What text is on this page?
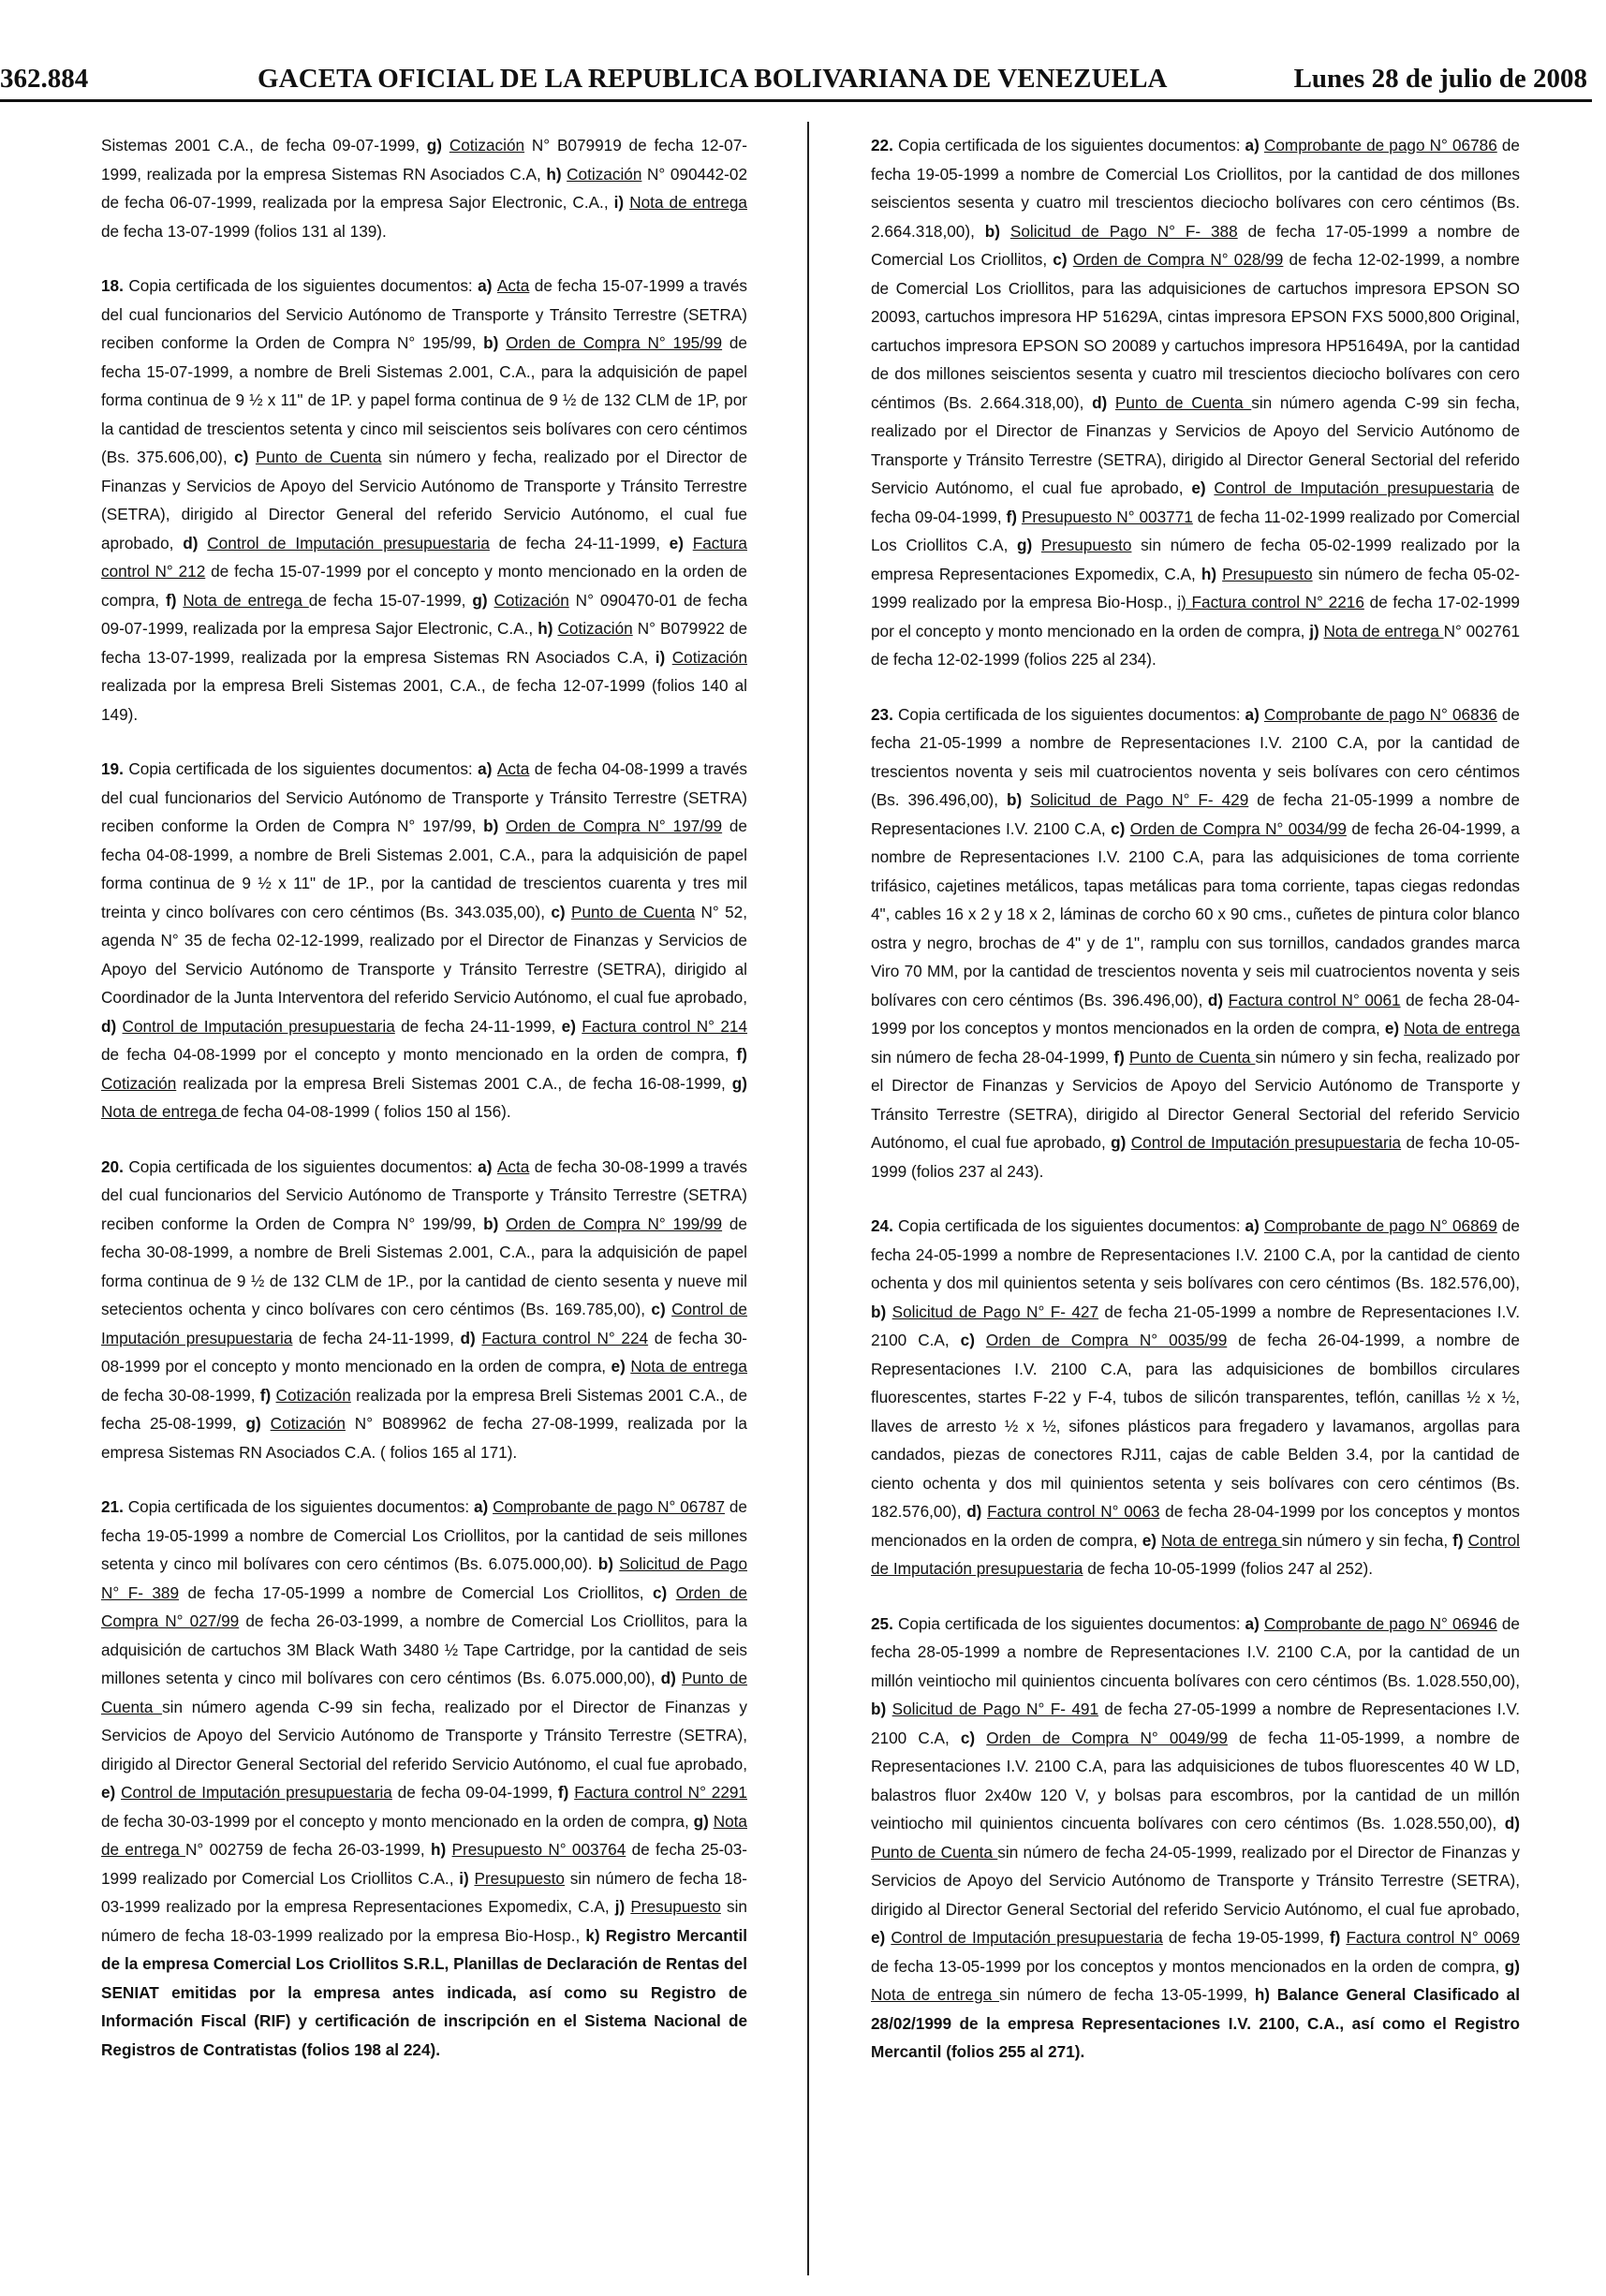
362.884	GACETA OFICIAL DE LA REPUBLICA BOLIVARIANA DE VENEZUELA	Lunes 28 de julio de 2008

Sistemas 2001 C.A., de fecha 09-07-1999, g) Cotización N° B079919 de fecha 12-07-1999, realizada por la empresa Sistemas RN Asociados C.A, h) Cotización N° 090442-02 de fecha 06-07-1999, realizada por la empresa Sajor Electronic, C.A., i) Nota de entrega de fecha 13-07-1999 (folios 131 al 139).

18. Copia certificada de los siguientes documentos: a) Acta de fecha 15-07-1999 a través del cual funcionarios del Servicio Autónomo de Transporte y Tránsito Terrestre (SETRA) reciben conforme la Orden de Compra N° 195/99, b) Orden de Compra N° 195/99 de fecha 15-07-1999, a nombre de Breli Sistemas 2.001, C.A., para la adquisición de papel forma continua de 9 ½ x 11" de 1P. y papel forma continua de 9 ½ de 132 CLM de 1P, por la cantidad de trescientos setenta y cinco mil seiscientos seis bolívares con cero céntimos (Bs. 375.606,00), c) Punto de Cuenta sin número y fecha, realizado por el Director de Finanzas y Servicios de Apoyo del Servicio Autónomo de Transporte y Tránsito Terrestre (SETRA), dirigido al Director General del referido Servicio Autónomo, el cual fue aprobado, d) Control de Imputación presupuestaria de fecha 24-11-1999, e) Factura control N° 212 de fecha 15-07-1999 por el concepto y monto mencionado en la orden de compra, f) Nota de entrega de fecha 15-07-1999, g) Cotización N° 090470-01 de fecha 09-07-1999, realizada por la empresa Sajor Electronic, C.A., h) Cotización N° B079922 de fecha 13-07-1999, realizada por la empresa Sistemas RN Asociados C.A, i) Cotización realizada por la empresa Breli Sistemas 2001, C.A., de fecha 12-07-1999 (folios 140 al 149).

19. Copia certificada de los siguientes documentos: a) Acta de fecha 04-08-1999 a través del cual funcionarios del Servicio Autónomo de Transporte y Tránsito Terrestre (SETRA) reciben conforme la Orden de Compra N° 197/99, b) Orden de Compra N° 197/99 de fecha 04-08-1999, a nombre de Breli Sistemas 2.001, C.A., para la adquisición de papel forma continua de 9 ½ x 11" de 1P., por la cantidad de trescientos cuarenta y tres mil treinta y cinco bolívares con cero céntimos (Bs. 343.035,00), c) Punto de Cuenta N° 52, agenda N° 35 de fecha 02-12-1999, realizado por el Director de Finanzas y Servicios de Apoyo del Servicio Autónomo de Transporte y Tránsito Terrestre (SETRA), dirigido al Coordinador de la Junta Interventora del referido Servicio Autónomo, el cual fue aprobado, d) Control de Imputación presupuestaria de fecha 24-11-1999, e) Factura control N° 214 de fecha 04-08-1999 por el concepto y monto mencionado en la orden de compra, f) Cotización realizada por la empresa Breli Sistemas 2001 C.A., de fecha 16-08-1999, g) Nota de entrega de fecha 04-08-1999 ( folios 150 al 156).

20. Copia certificada de los siguientes documentos: a) Acta de fecha 30-08-1999 a través del cual funcionarios del Servicio Autónomo de Transporte y Tránsito Terrestre (SETRA) reciben conforme la Orden de Compra N° 199/99, b) Orden de Compra N° 199/99 de fecha 30-08-1999, a nombre de Breli Sistemas 2.001, C.A., para la adquisición de papel forma continua de 9 ½ de 132 CLM de 1P., por la cantidad de ciento sesenta y nueve mil setecientos ochenta y cinco bolívares con cero céntimos (Bs. 169.785,00), c) Control de Imputación presupuestaria de fecha 24-11-1999, d) Factura control N° 224 de fecha 30-08-1999 por el concepto y monto mencionado en la orden de compra, e) Nota de entrega de fecha 30-08-1999, f) Cotización realizada por la empresa Breli Sistemas 2001 C.A., de fecha 25-08-1999, g) Cotización N° B089962 de fecha 27-08-1999, realizada por la empresa Sistemas RN Asociados C.A. ( folios 165 al 171).

21. Copia certificada de los siguientes documentos: a) Comprobante de pago N° 06787 de fecha 19-05-1999 a nombre de Comercial Los Criollitos, por la cantidad de seis millones setenta y cinco mil bolívares con cero céntimos (Bs. 6.075.000,00). b) Solicitud de Pago N° F- 389 de fecha 17-05-1999 a nombre de Comercial Los Criollitos, c) Orden de Compra N° 027/99 de fecha 26-03-1999, a nombre de Comercial Los Criollitos, para la adquisición de cartuchos 3M Black Wath 3480 ½ Tape Cartridge, por la cantidad de seis millones setenta y cinco mil bolívares con cero céntimos (Bs. 6.075.000,00), d) Punto de Cuenta sin número agenda C-99 sin fecha, realizado por el Director de Finanzas y Servicios de Apoyo del Servicio Autónomo de Transporte y Tránsito Terrestre (SETRA), dirigido al Director General Sectorial del referido Servicio Autónomo, el cual fue aprobado, e) Control de Imputación presupuestaria de fecha 09-04-1999, f) Factura control N° 2291 de fecha 30-03-1999 por el concepto y monto mencionado en la orden de compra, g) Nota de entrega N° 002759 de fecha 26-03-1999, h) Presupuesto N° 003764 de fecha 25-03-1999 realizado por Comercial Los Criollitos C.A., i) Presupuesto sin número de fecha 18-03-1999 realizado por la empresa Representaciones Expomedix, C.A, j) Presupuesto sin número de fecha 18-03-1999 realizado por la empresa Bio-Hosp., k) Registro Mercantil de la empresa Comercial Los Criollitos S.R.L, Planillas de Declaración de Rentas del SENIAT emitidas por la empresa antes indicada, así como su Registro de Información Fiscal (RIF) y certificación de inscripción en el Sistema Nacional de Registros de Contratistas (folios 198 al 224).

22. Copia certificada de los siguientes documentos: a) Comprobante de pago N° 06786 de fecha 19-05-1999 a nombre de Comercial Los Criollitos, por la cantidad de dos millones seiscientos sesenta y cuatro mil trescientos dieciocho bolívares con cero céntimos (Bs. 2.664.318,00), b) Solicitud de Pago N° F- 388 de fecha 17-05-1999 a nombre de Comercial Los Criollitos, c) Orden de Compra N° 028/99 de fecha 12-02-1999, a nombre de Comercial Los Criollitos, para las adquisiciones de cartuchos impresora EPSON SO 20093, cartuchos impresora HP 51629A, cintas impresora EPSON FXS 5000,800 Original, cartuchos impresora EPSON SO 20089 y cartuchos impresora HP51649A, por la cantidad de dos millones seiscientos sesenta y cuatro mil trescientos dieciocho bolívares con cero céntimos (Bs. 2.664.318,00), d) Punto de Cuenta sin número agenda C-99 sin fecha, realizado por el Director de Finanzas y Servicios de Apoyo del Servicio Autónomo de Transporte y Tránsito Terrestre (SETRA), dirigido al Director General Sectorial del referido Servicio Autónomo, el cual fue aprobado, e) Control de Imputación presupuestaria de fecha 09-04-1999, f) Presupuesto N° 003771 de fecha 11-02-1999 realizado por Comercial Los Criollitos C.A, g) Presupuesto sin número de fecha 05-02-1999 realizado por la empresa Representaciones Expomedix, C.A, h) Presupuesto sin número de fecha 05-02-1999 realizado por la empresa Bio-Hosp., i) Factura control N° 2216 de fecha 17-02-1999 por el concepto y monto mencionado en la orden de compra, j) Nota de entrega N° 002761 de fecha 12-02-1999 (folios 225 al 234).

23. Copia certificada de los siguientes documentos: a) Comprobante de pago N° 06836 de fecha 21-05-1999 a nombre de Representaciones I.V. 2100 C.A, por la cantidad de trescientos noventa y seis mil cuatrocientos noventa y seis bolívares con cero céntimos (Bs. 396.496,00), b) Solicitud de Pago N° F- 429 de fecha 21-05-1999 a nombre de Representaciones I.V. 2100 C.A, c) Orden de Compra N° 0034/99 de fecha 26-04-1999, a nombre de Representaciones I.V. 2100 C.A, para las adquisiciones de toma corriente trifásico, cajetines metálicos, tapas metálicas para toma corriente, tapas ciegas redondas 4", cables 16 x 2 y 18 x 2, láminas de corcho 60 x 90 cms., cuñetes de pintura color blanco ostra y negro, brochas de 4" y de 1", ramplu con sus tornillos, candados grandes marca Viro 70 MM, por la cantidad de trescientos noventa y seis mil cuatrocientos noventa y seis bolívares con cero céntimos (Bs. 396.496,00), d) Factura control N° 0061 de fecha 28-04-1999 por los conceptos y montos mencionados en la orden de compra, e) Nota de entrega sin número de fecha 28-04-1999, f) Punto de Cuenta sin número y sin fecha, realizado por el Director de Finanzas y Servicios de Apoyo del Servicio Autónomo de Transporte y Tránsito Terrestre (SETRA), dirigido al Director General Sectorial del referido Servicio Autónomo, el cual fue aprobado, g) Control de Imputación presupuestaria de fecha 10-05-1999 (folios 237 al 243).

24. Copia certificada de los siguientes documentos: a) Comprobante de pago N° 06869 de fecha 24-05-1999 a nombre de Representaciones I.V. 2100 C.A, por la cantidad de ciento ochenta y dos mil quinientos setenta y seis bolívares con cero céntimos (Bs. 182.576,00), b) Solicitud de Pago N° F- 427 de fecha 21-05-1999 a nombre de Representaciones I.V. 2100 C.A, c) Orden de Compra N° 0035/99 de fecha 26-04-1999, a nombre de Representaciones I.V. 2100 C.A, para las adquisiciones de bombillos circulares fluorescentes, startes F-22 y F-4, tubos de silicón transparentes, teflón, canillas ½ x ½, llaves de arresto ½ x ½, sifones plásticos para fregadero y lavamanos, argollas para candados, piezas de conectores RJ11, cajas de cable Belden 3.4, por la cantidad de ciento ochenta y dos mil quinientos setenta y seis bolívares con cero céntimos (Bs. 182.576,00), d) Factura control N° 0063 de fecha 28-04-1999 por los conceptos y montos mencionados en la orden de compra, e) Nota de entrega sin número y sin fecha, f) Control de Imputación presupuestaria de fecha 10-05-1999 (folios 247 al 252).

25. Copia certificada de los siguientes documentos: a) Comprobante de pago N° 06946 de fecha 28-05-1999 a nombre de Representaciones I.V. 2100 C.A, por la cantidad de un millón veintiocho mil quinientos cincuenta bolívares con cero céntimos (Bs. 1.028.550,00), b) Solicitud de Pago N° F- 491 de fecha 27-05-1999 a nombre de Representaciones I.V. 2100 C.A, c) Orden de Compra N° 0049/99 de fecha 11-05-1999, a nombre de Representaciones I.V. 2100 C.A, para las adquisiciones de tubos fluorescentes 40 W LD, balastros fluor 2x40w 120 V, y bolsas para escombros, por la cantidad de un millón veintiocho mil quinientos cincuenta bolívares con cero céntimos (Bs. 1.028.550,00), d) Punto de Cuenta sin número de fecha 24-05-1999, realizado por el Director de Finanzas y Servicios de Apoyo del Servicio Autónomo de Transporte y Tránsito Terrestre (SETRA), dirigido al Director General Sectorial del referido Servicio Autónomo, el cual fue aprobado, e) Control de Imputación presupuestaria de fecha 19-05-1999, f) Factura control N° 0069 de fecha 13-05-1999 por los conceptos y montos mencionados en la orden de compra, g) Nota de entrega sin número de fecha 13-05-1999, h) Balance General Clasificado al 28/02/1999 de la empresa Representaciones I.V. 2100, C.A., así como el Registro Mercantil (folios 255 al 271).
